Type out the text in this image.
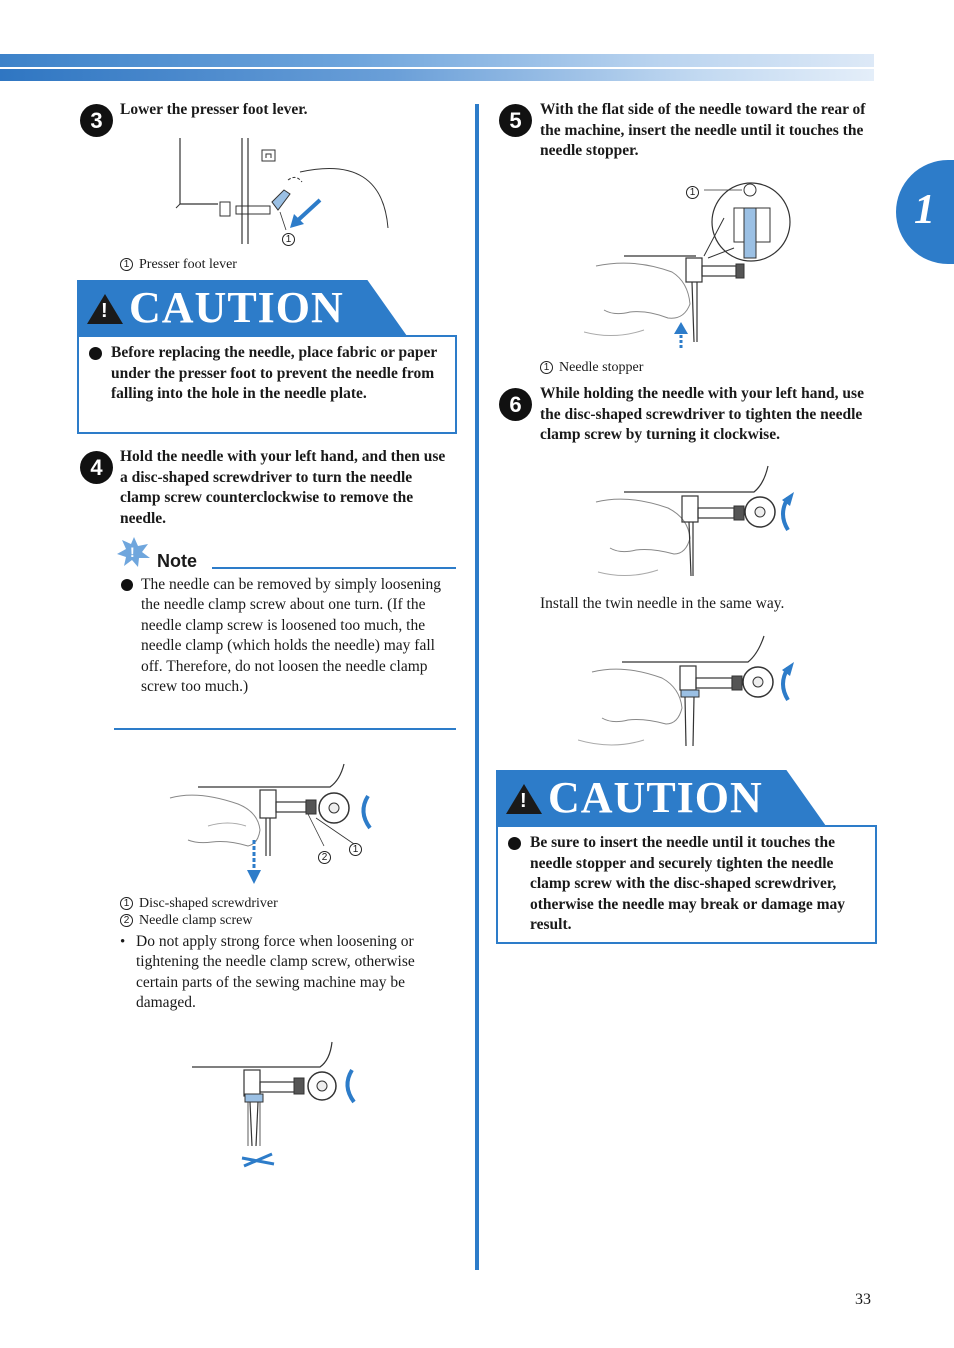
1
3	Lower the presser foot lever.
1
1 Presser foot lever
!
CAUTION
Before replacing the needle, place fabric or paper under the presser foot to prevent the needle from falling into the hole in the needle plate.
4	Hold the needle with your left hand, and then use a disc-shaped screwdriver to turn the needle clamp screw counterclockwise to remove the needle.
! Note
The needle can be removed by simply loosening the needle clamp screw about one turn. (If the needle clamp screw is loosened too much, the needle clamp (which holds the needle) may fall off. Therefore, do not loosen the needle clamp screw too much.)
2
1
1 Disc-shaped screwdriver
2 Needle clamp screw
• Do not apply strong force when loosening or tightening the needle clamp screw, otherwise certain parts of the sewing machine may be damaged.
5	With the flat side of the needle toward the rear of the machine, insert the needle until it touches the needle stopper.
1
1 Needle stopper
6	While holding the needle with your left hand, use the disc-shaped screwdriver to tighten the needle clamp screw by turning it clockwise.
Install the twin needle in the same way.
!
CAUTION
Be sure to insert the needle until it touches the needle stopper and securely tighten the needle clamp screw with the disc-shaped screwdriver, otherwise the needle may break or damage may result.
33
